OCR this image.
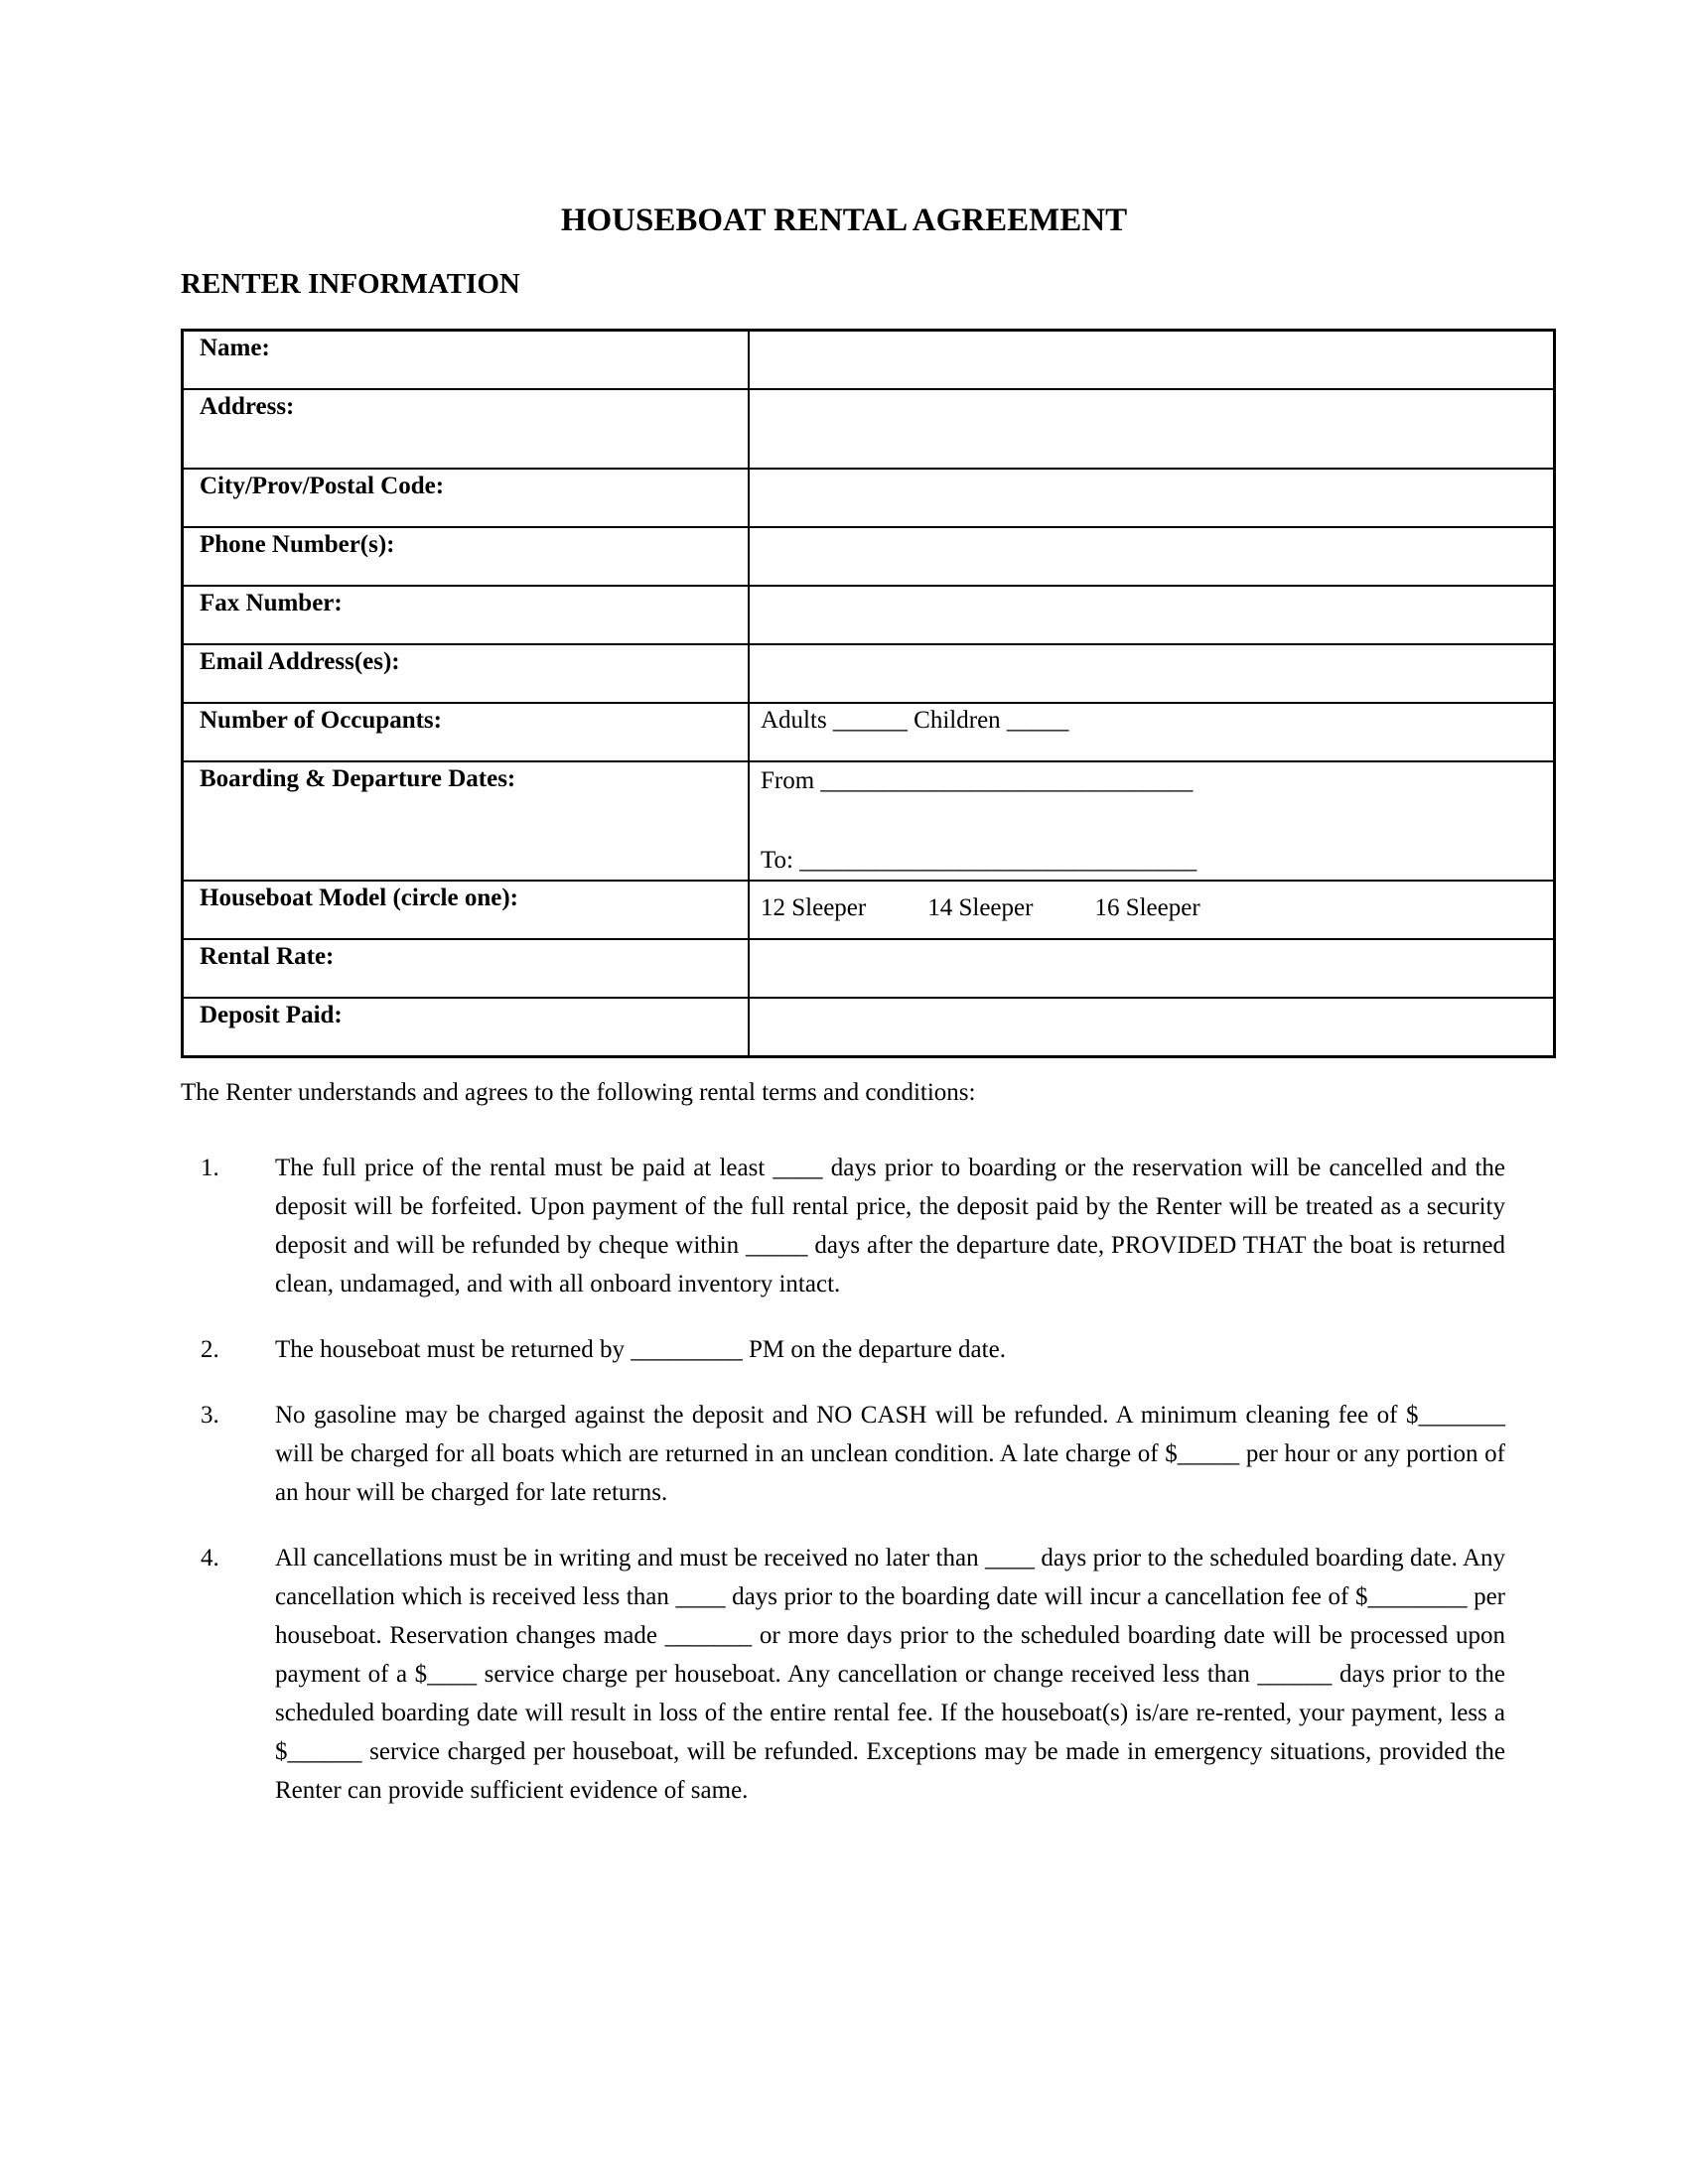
HOUSEBOAT RENTAL AGREEMENT
RENTER INFORMATION
Name:	
Address:	
City/Prov/Postal Code:	
Phone Number(s):	
Fax Number:	
Email Address(es):	
Number of Occupants:	Adults ______ Children _____
Boarding & Departure Dates:	From ______________________________
To: ________________________________

Houseboat Model (circle one):	12 Sleeper 14 Sleeper 16 Sleeper

Rental Rate:	
Deposit Paid:	

The Renter understands and agrees to the following rental terms and conditions:

1. The full price of the rental must be paid at least ____ days prior to boarding or the reservation will be cancelled and the deposit will be forfeited. Upon payment of the full rental price, the deposit paid by the Renter will be treated as a security deposit and will be refunded by cheque within _____ days after the departure date, PROVIDED THAT the boat is returned clean, undamaged, and with all onboard inventory intact.
2. The houseboat must be returned by _________ PM on the departure date.
3. No gasoline may be charged against the deposit and NO CASH will be refunded. A minimum cleaning fee of $_______ will be charged for all boats which are returned in an unclean condition. A late charge of $_____ per hour or any portion of an hour will be charged for late returns.
4. All cancellations must be in writing and must be received no later than ____ days prior to the scheduled boarding date. Any cancellation which is received less than ____ days prior to the boarding date will incur a cancellation fee of $________ per houseboat. Reservation changes made _______ or more days prior to the scheduled boarding date will be processed upon payment of a $____ service charge per houseboat. Any cancellation or change received less than ______ days prior to the scheduled boarding date will result in loss of the entire rental fee. If the houseboat(s) is/are re-rented, your payment, less a $______ service charged per houseboat, will be refunded. Exceptions may be made in emergency situations, provided the Renter can provide sufficient evidence of same.
